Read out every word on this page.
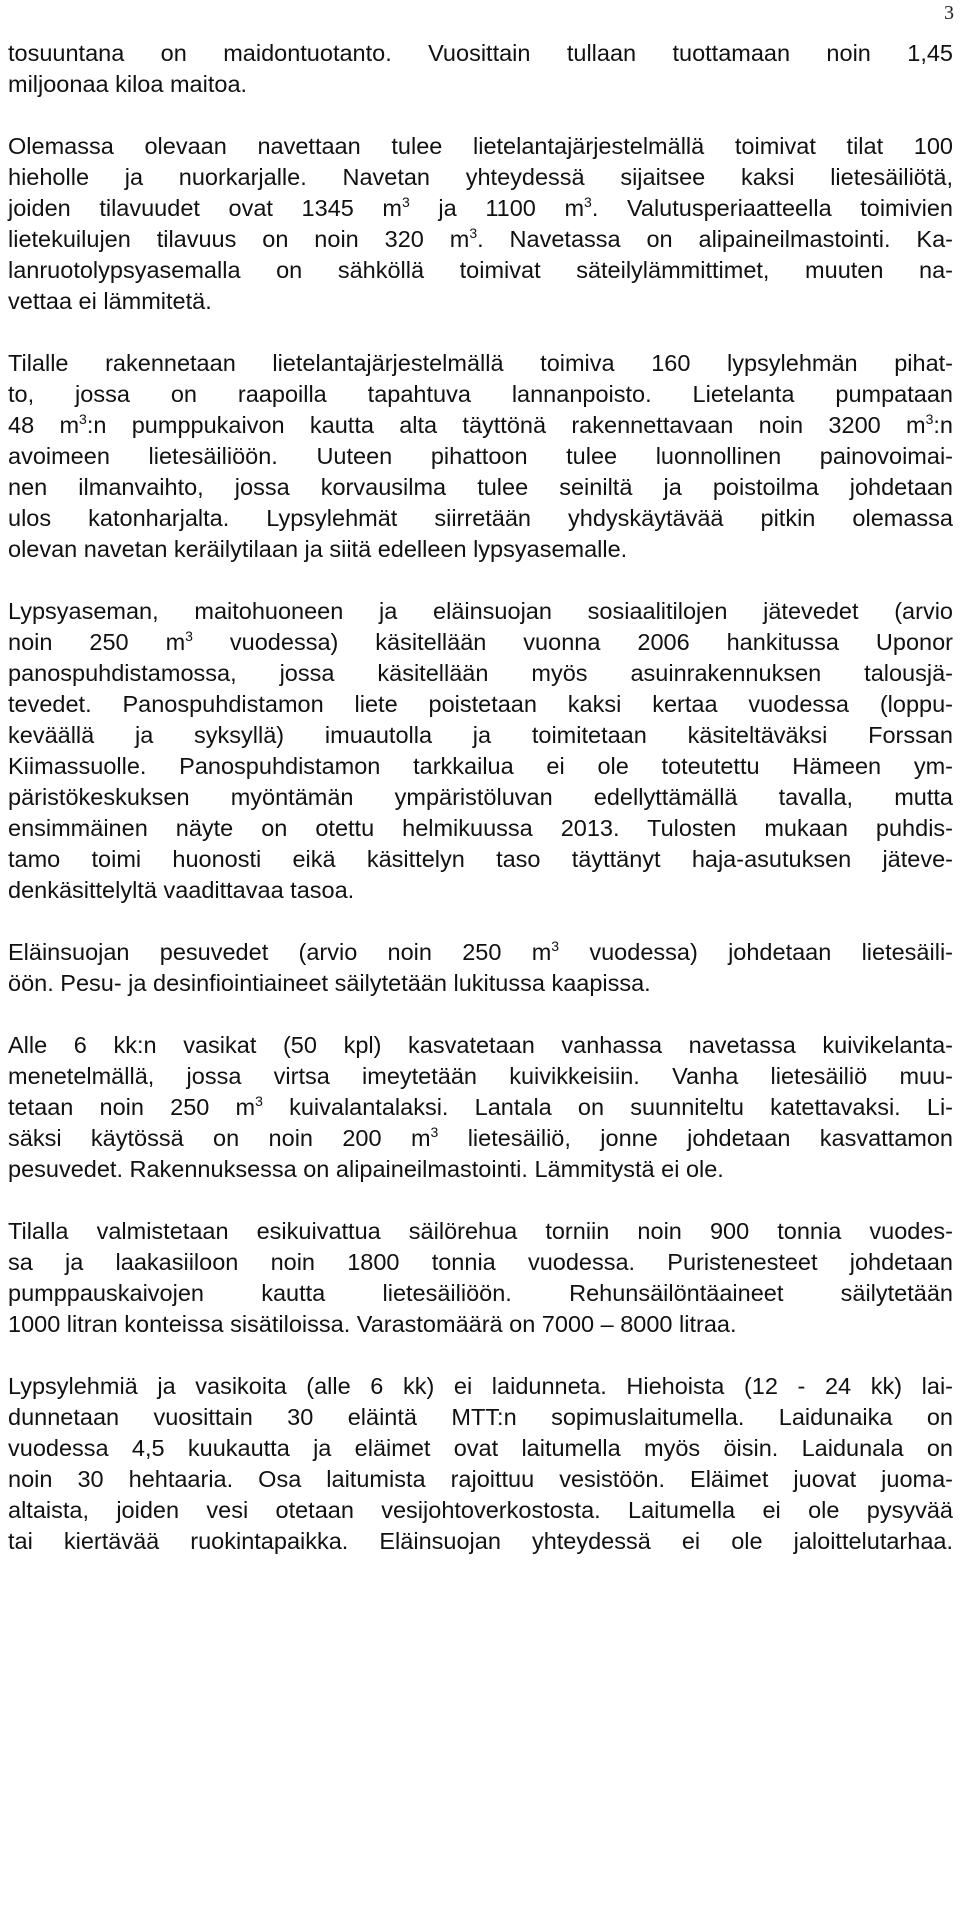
3
tosuuntana on maidontuotanto. Vuosittain tullaan tuottamaan noin 1,45
miljoonaa kiloa maitoa.
Olemassa olevaan navettaan tulee lietelantajärjestelmällä toimivat tilat 100
hieholle ja nuorkarjalle. Navetan yhteydessä sijaitsee kaksi lietesäiliötä,
joiden tilavuudet ovat 1345 $m^3$ ja 1100 $m^3$. Valutusperiaatteella toimivien
lietekuilujen tilavuus on noin 320 $m^3$. Navetassa on alipaineilmastointi. Ka-
lanruotolypsyasemalla on sähköllä toimivat säteilylämmittimet, muuten na-
vettaa ei lämmitetä.
Tilalle rakennetaan lietelantajärjestelmällä toimiva 160 lypsylehmän pihat-
to, jossa on raapoilla tapahtuva lannanpoisto. Lietelanta pumpataan
48 $m^3:n$ pumppukaivon kautta alta täyttönä rakennettavaan noin 3200 $m^3:n$
avoimeen lietesäiliöön. Uuteen pihattoon tulee luonnollinen painovoimai-
nen ilmanvaihto, jossa korvausilma tulee seiniltä ja poistoilma johdetaan
ulos katonharjalta. Lypsylehmät siirretään yhdyskäytävää pitkin olemassa
olevan navetan keräilytilaan ja siitä edelleen lypsyasemalle.
Lypsyaseman, maitohuoneen ja eläinsuojan sosiaalitilojen jätevedet (arvio
noin 250 $m^3$ vuodessa) käsitellään vuonna 2006 hankitussa Uponor
panospuhdistamossa, jossa käsitellään myös asuinrakennuksen talousjä-
tevedet. Panospuhdistamon liete poistetaan kaksi kertaa vuodessa (loppu-
keväällä ja syksyllä) imuautolla ja toimitetaan käsiteltäväksi Forssan
Kiimassuolle. Panospuhdistamon tarkkailua ei ole toteutettu Hämeen ym-
päristökeskuksen myöntämän ympäristöluvan edellyttämällä tavalla, mutta
ensimmäinen näyte on otettu helmikuussa 2013. Tulosten mukaan puhdis-
tamo toimi huonosti eikä käsittelyn taso täyttänyt haja-asutuksen jäteve-
denkäsittelyltä vaadittavaa tasoa.
Eläinsuojan pesuvedet (arvio noin 250 $m^3$ vuodessa) johdetaan lietesäili-
öön. Pesu- ja desinfiointiaineet säilytetään lukitussa kaapissa.
Alle 6 kk:n vasikat (50 kpl) kasvatetaan vanhassa navetassa kuivikelanta-
menetelmällä, jossa virtsa imeytetään kuivikkeisiin. Vanha lietesäiliö muu-
tetaan noin 250 $m^3$ kuivalantalaksi. Lantala on suunniteltu katettavaksi. Li-
säksi käytössä on noin 200 $m^3$ lietesäiliö, jonne johdetaan kasvattamon
pesuvedet. Rakennuksessa on alipaineilmastointi. Lämmitystä ei ole.
Tilalla valmistetaan esikuivattua säilörehua torniin noin 900 tonnia vuodes-
sa ja laakasiiloon noin 1800 tonnia vuodessa. Puristenesteet johdetaan
pumppauskaivojen kautta lietesäiliöön. Rehunsäilöntäaineet säilytetään
1000 litran konteissa sisätiloissa. Varastomäärä on 7000 – 8000 litraa.
Lypsylehmiä ja vasikoita (alle 6 kk) ei laidunneta. Hiehoista (12 - 24 kk) lai-
dunnetaan vuosittain 30 eläintä MTT:n sopimuslaitumella. Laidunaika on
vuodessa 4,5 kuukautta ja eläimet ovat laitumella myös öisin. Laidunala on
noin 30 hehtaaria. Osa laitumista rajoittuu vesistöön. Eläimet juovat juoma-
altaista, joiden vesi otetaan vesijohtoverkostosta. Laitumella ei ole pysyvää
tai kiertävää ruokintapaikka. Eläinsuojan yhteydessä ei ole jaloittelutarhaa.
